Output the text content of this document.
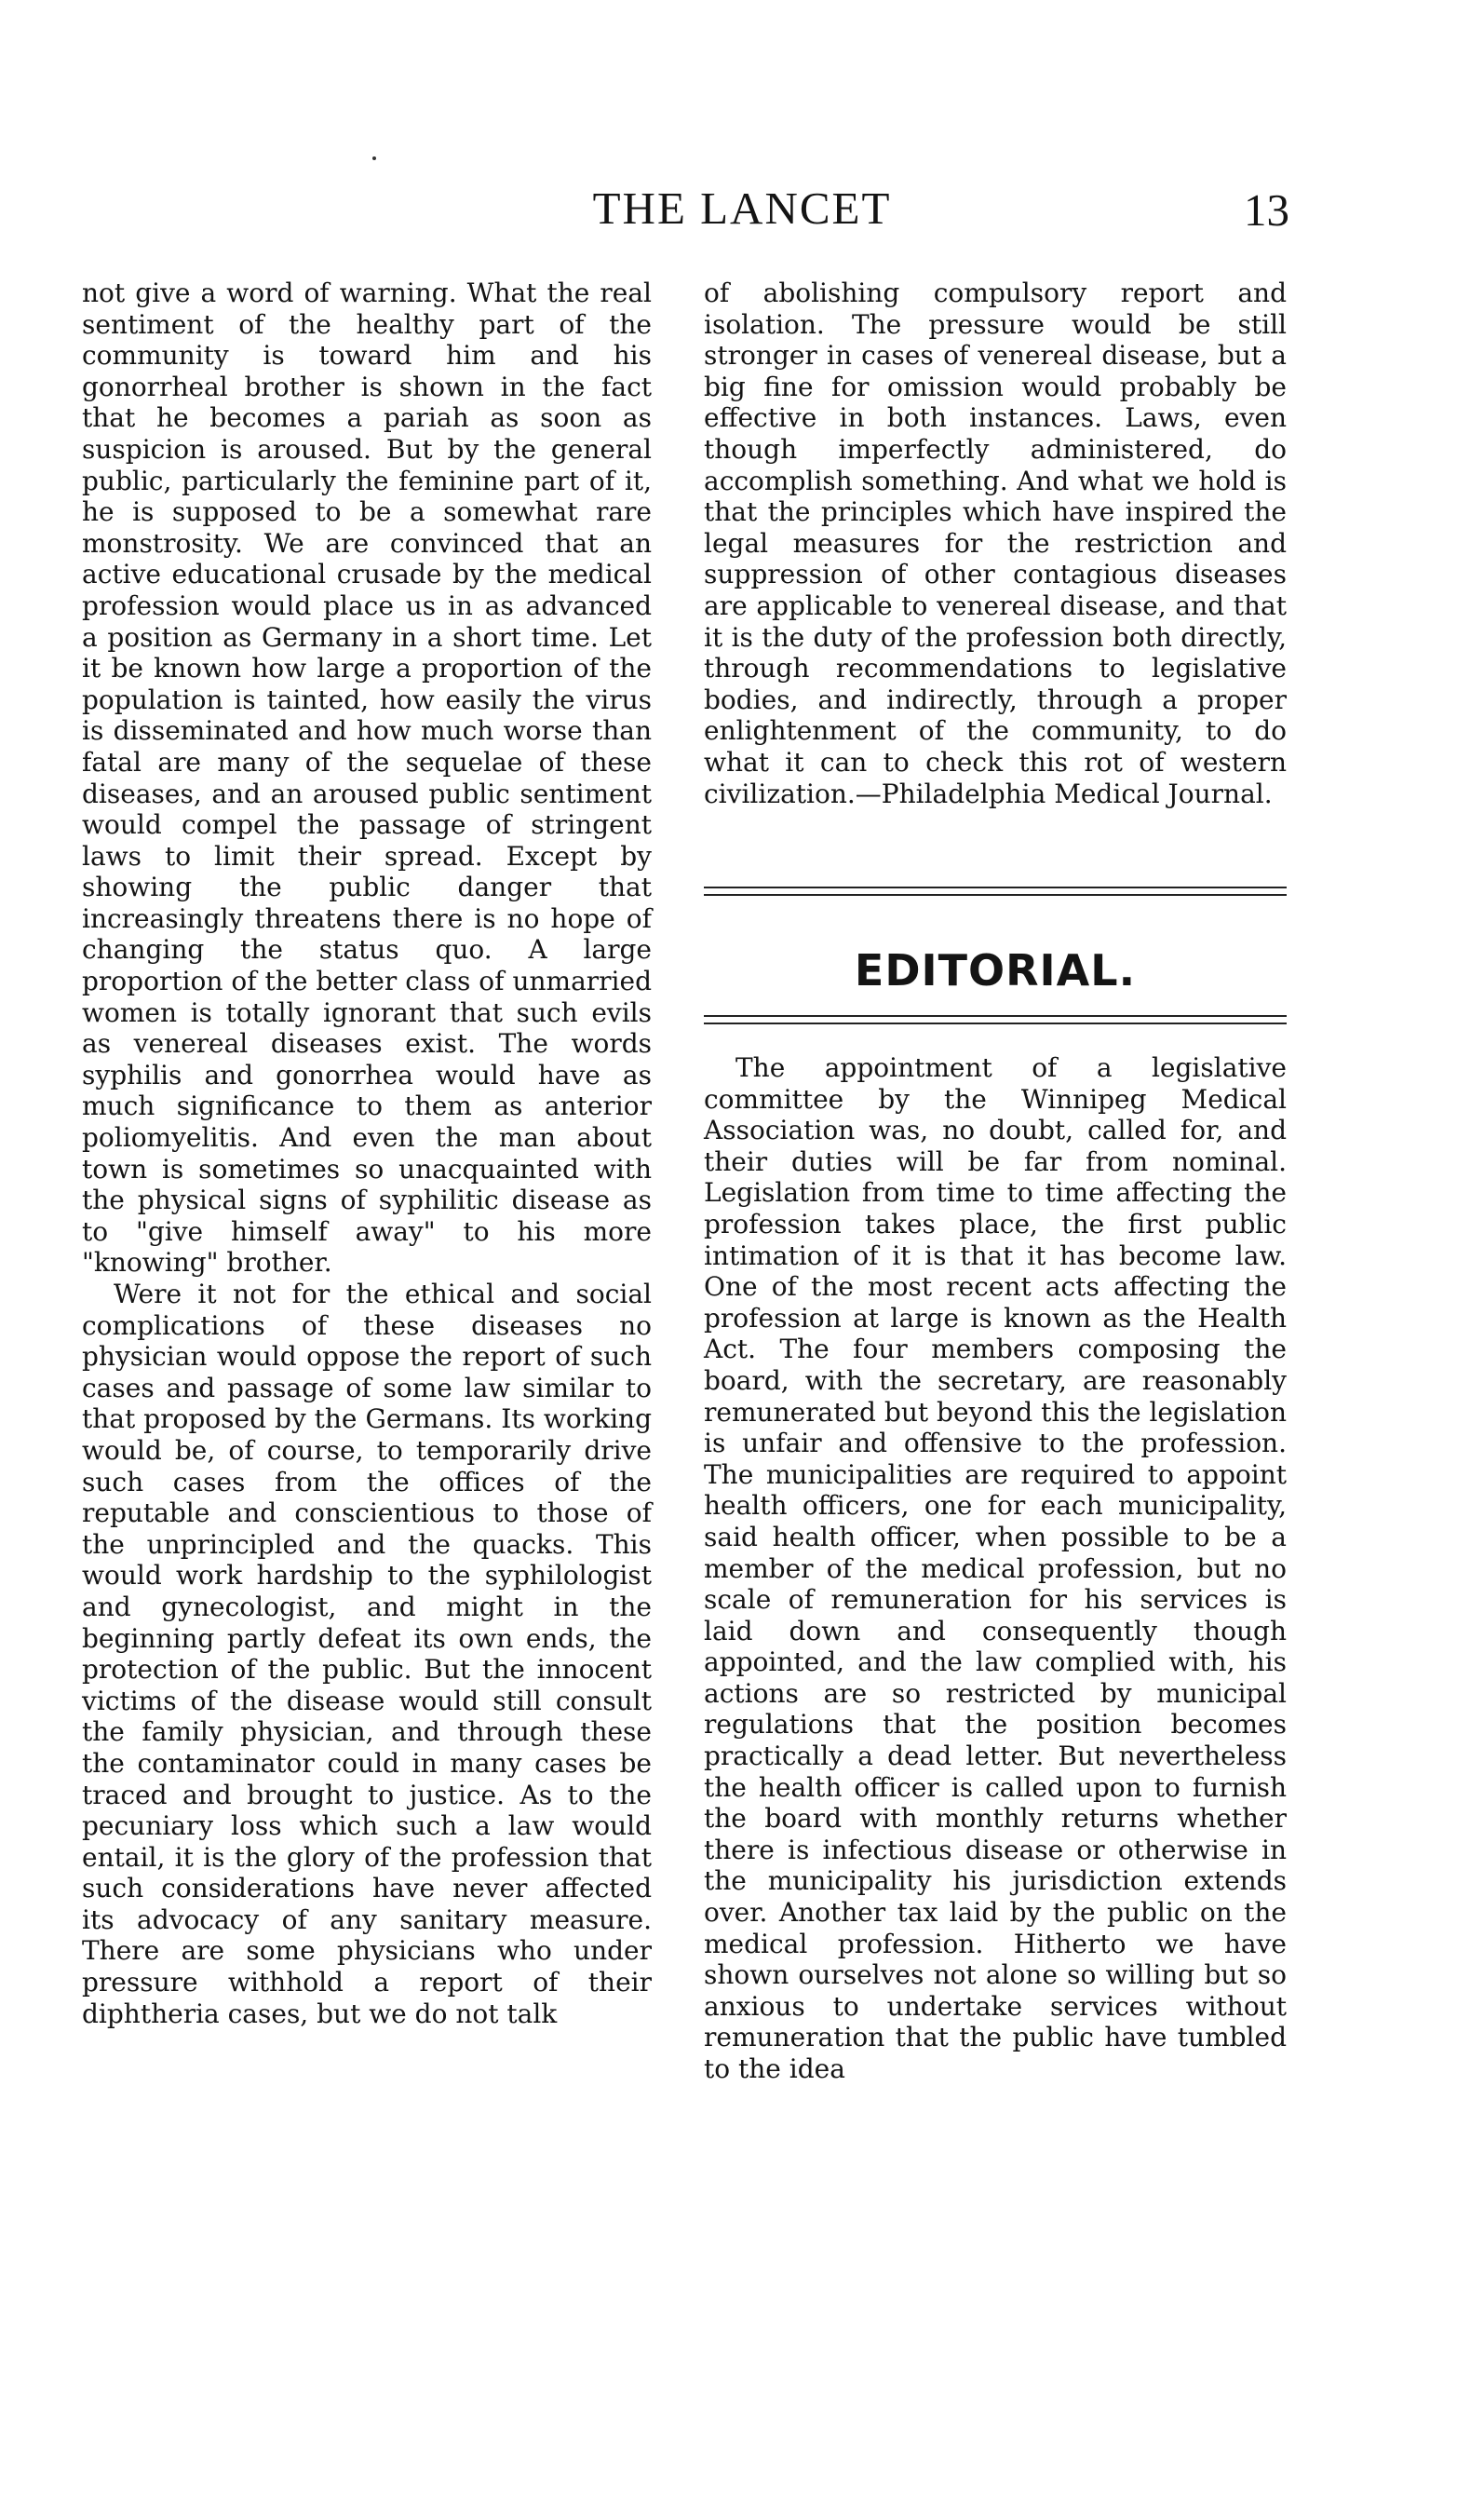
THE LANCET	13

not give a word of warning. What the real sentiment of the healthy part of the community is toward him and his gonorrheal brother is shown in the fact that he becomes a pariah as soon as suspicion is aroused. But by the general public, particularly the feminine part of it, he is supposed to be a somewhat rare monstrosity. We are convinced that an active educational crusade by the medical profession would place us in as advanced a position as Germany in a short time. Let it be known how large a proportion of the population is tainted, how easily the virus is disseminated and how much worse than fatal are many of the sequelae of these diseases, and an aroused public sentiment would compel the passage of stringent laws to limit their spread. Except by showing the public danger that increasingly threatens there is no hope of changing the status quo. A large proportion of the better class of unmarried women is totally ignorant that such evils as venereal diseases exist. The words syphilis and gonorrhea would have as much significance to them as anterior poliomyelitis. And even the man about town is sometimes so unacquainted with the physical signs of syphilitic disease as to "give himself away" to his more "knowing" brother.

Were it not for the ethical and social complications of these diseases no physician would oppose the report of such cases and passage of some law similar to that proposed by the Germans. Its working would be, of course, to temporarily drive such cases from the offices of the reputable and conscientious to those of the unprincipled and the quacks. This would work hardship to the syphilologist and gynecologist, and might in the beginning partly defeat its own ends, the protection of the public. But the innocent victims of the disease would still consult the family physician, and through these the contaminator could in many cases be traced and brought to justice. As to the pecuniary loss which such a law would entail, it is the glory of the profession that such considerations have never affected its advocacy of any sanitary measure. There are some physicians who under pressure withhold a report of their diphtheria cases, but we do not talk

of abolishing compulsory report and isolation. The pressure would be still stronger in cases of venereal disease, but a big fine for omission would probably be effective in both instances. Laws, even though imperfectly administered, do accomplish something. And what we hold is that the principles which have inspired the legal measures for the restriction and suppression of other contagious diseases are applicable to venereal disease, and that it is the duty of the profession both directly, through recommendations to legislative bodies, and indirectly, through a proper enlightenment of the community, to do what it can to check this rot of western civilization.—Philadelphia Medical Journal.

EDITORIAL.

The appointment of a legislative committee by the Winnipeg Medical Association was, no doubt, called for, and their duties will be far from nominal. Legislation from time to time affecting the profession takes place, the first public intimation of it is that it has become law. One of the most recent acts affecting the profession at large is known as the Health Act. The four members composing the board, with the secretary, are reasonably remunerated but beyond this the legislation is unfair and offensive to the profession. The municipalities are required to appoint health officers, one for each municipality, said health officer, when possible to be a member of the medical profession, but no scale of remuneration for his services is laid down and consequently though appointed, and the law complied with, his actions are so restricted by municipal regulations that the position becomes practically a dead letter. But nevertheless the health officer is called upon to furnish the board with monthly returns whether there is infectious disease or otherwise in the municipality his jurisdiction extends over. Another tax laid by the public on the medical profession. Hitherto we have shown ourselves not alone so willing but so anxious to undertake services without remuneration that the public have tumbled to the idea
